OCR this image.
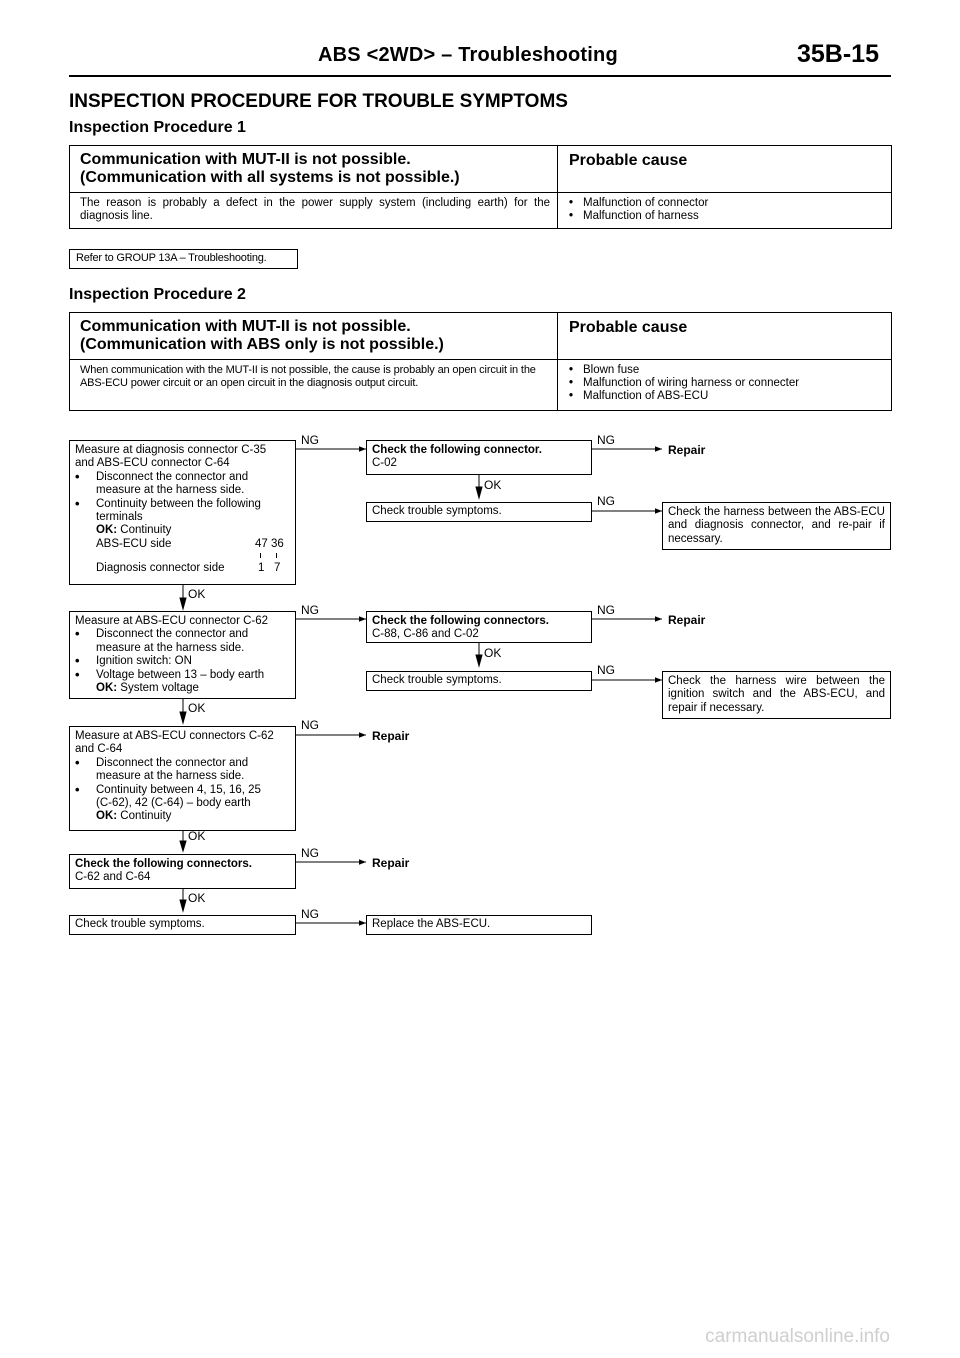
ABS <2WD> – Troubleshooting	35B-15
INSPECTION PROCEDURE FOR TROUBLE SYMPTOMS
Inspection Procedure 1
Communication with MUT-II is not possible.
(Communication with all systems is not possible.)
Probable cause
The reason is probably a defect in the power supply system (including earth) for the diagnosis line.
• Malfunction of connector
• Malfunction of harness
Refer to GROUP 13A – Troubleshooting.
Inspection Procedure 2
Communication with MUT-II is not possible.
(Communication with ABS only is not possible.)
Probable cause
When communication with the MUT-II is not possible, the cause is probably an open circuit in the ABS-ECU power circuit or an open circuit in the diagnosis output circuit.
• Blown fuse
• Malfunction of wiring harness or connecter
• Malfunction of ABS-ECU
Measure at diagnosis connector C-35
and ABS-ECU connector C-64
• Disconnect the connector and
measure at the harness side.
• Continuity between the following
terminals
OK: Continuity
ABS-ECU side	47 36
Diagnosis connector side	1   7
NG
Check the following connector.
C-02
NG
Repair
OK
Check trouble symptoms.
NG
Check the harness between the ABS-ECU and diagnosis connector, and re-pair if necessary.
OK
Measure at ABS-ECU connector C-62
• Disconnect the connector and
measure at the harness side.
• Ignition switch: ON
• Voltage between 13 – body earth
OK: System voltage
NG
Check the following connectors.
C-88, C-86 and C-02
NG
Repair
OK
Check trouble symptoms.
NG
Check the harness wire between the ignition switch and the ABS-ECU, and repair if necessary.
OK
Measure at ABS-ECU connectors C-62
and C-64
• Disconnect the connector and
measure at the harness side.
• Continuity between 4, 15, 16, 25
(C-62), 42 (C-64) – body earth
OK: Continuity
NG
Repair
OK
Check the following connectors.
C-62 and C-64
NG
Repair
OK
Check trouble symptoms.
NG
Replace the ABS-ECU.
carmanualsonline.info
